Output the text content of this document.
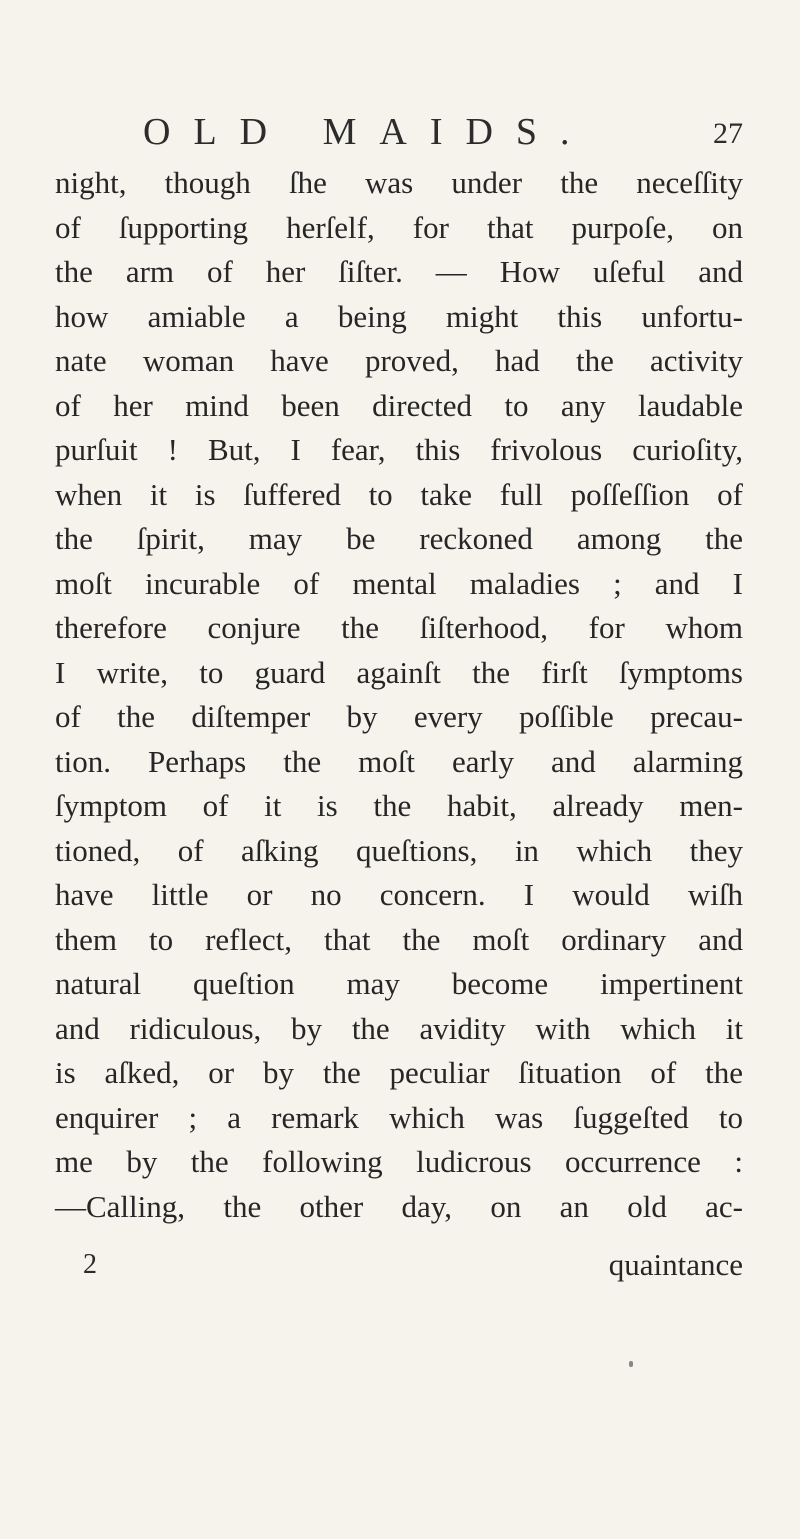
OLD MAIDS.	27
night, though ſhe was under the neceſſity
of ſupporting herſelf, for that purpoſe, on
the arm of her ſiſter. — How uſeful and
how amiable a being might this unfortu-
nate woman have proved, had the activity
of her mind been directed to any laudable
purſuit ! But, I fear, this frivolous curioſity,
when it is ſuffered to take full poſſeſſion of
the ſpirit, may be reckoned among the
moſt incurable of mental maladies ; and I
therefore conjure the ſiſterhood, for whom
I write, to guard againſt the firſt ſymptoms
of the diſtemper by every poſſible precau-
tion. Perhaps the moſt early and alarming
ſymptom of it is the habit, already men-
tioned, of aſking queſtions, in which they
have little or no concern. I would wiſh
them to reflect, that the moſt ordinary and
natural queſtion may become impertinent
and ridiculous, by the avidity with which it
is aſked, or by the peculiar ſituation of the
enquirer ; a remark which was ſuggeſted to
me by the following ludicrous occurrence :
—Calling, the other day, on an old ac-
2	quaintance
